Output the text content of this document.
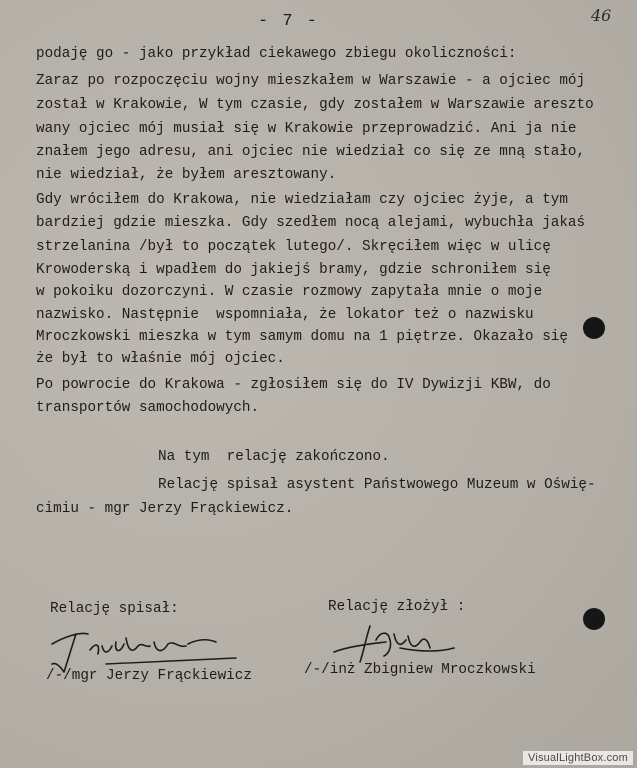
- 7 -	46
podaję go - jako przykład ciekawego zbiegu okoliczności:
Zaraz po rozpoczęciu wojny mieszkałem w Warszawie - a ojciec mój
został w Krakowie, W tym czasie, gdy zostałem w Warszawie areszto
wany ojciec mój musiał się w Krakowie przeprowadzić. Ani ja nie
znałem jego adresu, ani ojciec nie wiedział co się ze mną stało,
nie wiedział, że byłem aresztowany.
Gdy wróciłem do Krakowa, nie wiedziałam czy ojciec żyje, a tym
bardziej gdzie mieszka. Gdy szedłem nocą alejami, wybuchła jakaś
strzelanina /był to początek lutego/. Skręciłem więc w ulicę
Krowoderską i wpadłem do jakiejś bramy, gdzie schroniłem się
w pokoiku dozorczyni. W czasie rozmowy zapytała mnie o moje
nazwisko. Następnie  wspomniała, że lokator też o nazwisku
Mroczkowski mieszka w tym samym domu na 1 piętrze. Okazało się
że był to właśnie mój ojciec.
Po powrocie do Krakowa - zgłosiłem się do IV Dywizji KBW, do
transportów samochodowych.
Na tym  relację zakończono.
Relację spisał asystent Państwowego Muzeum w Oświę-
cimiu - mgr Jerzy Frąckiewicz.
Relację spisał:	Relację złożył :
/-/mgr Jerzy Frąckiewicz	/-/inż Zbigniew Mroczkowski
VisualLightBox.com
